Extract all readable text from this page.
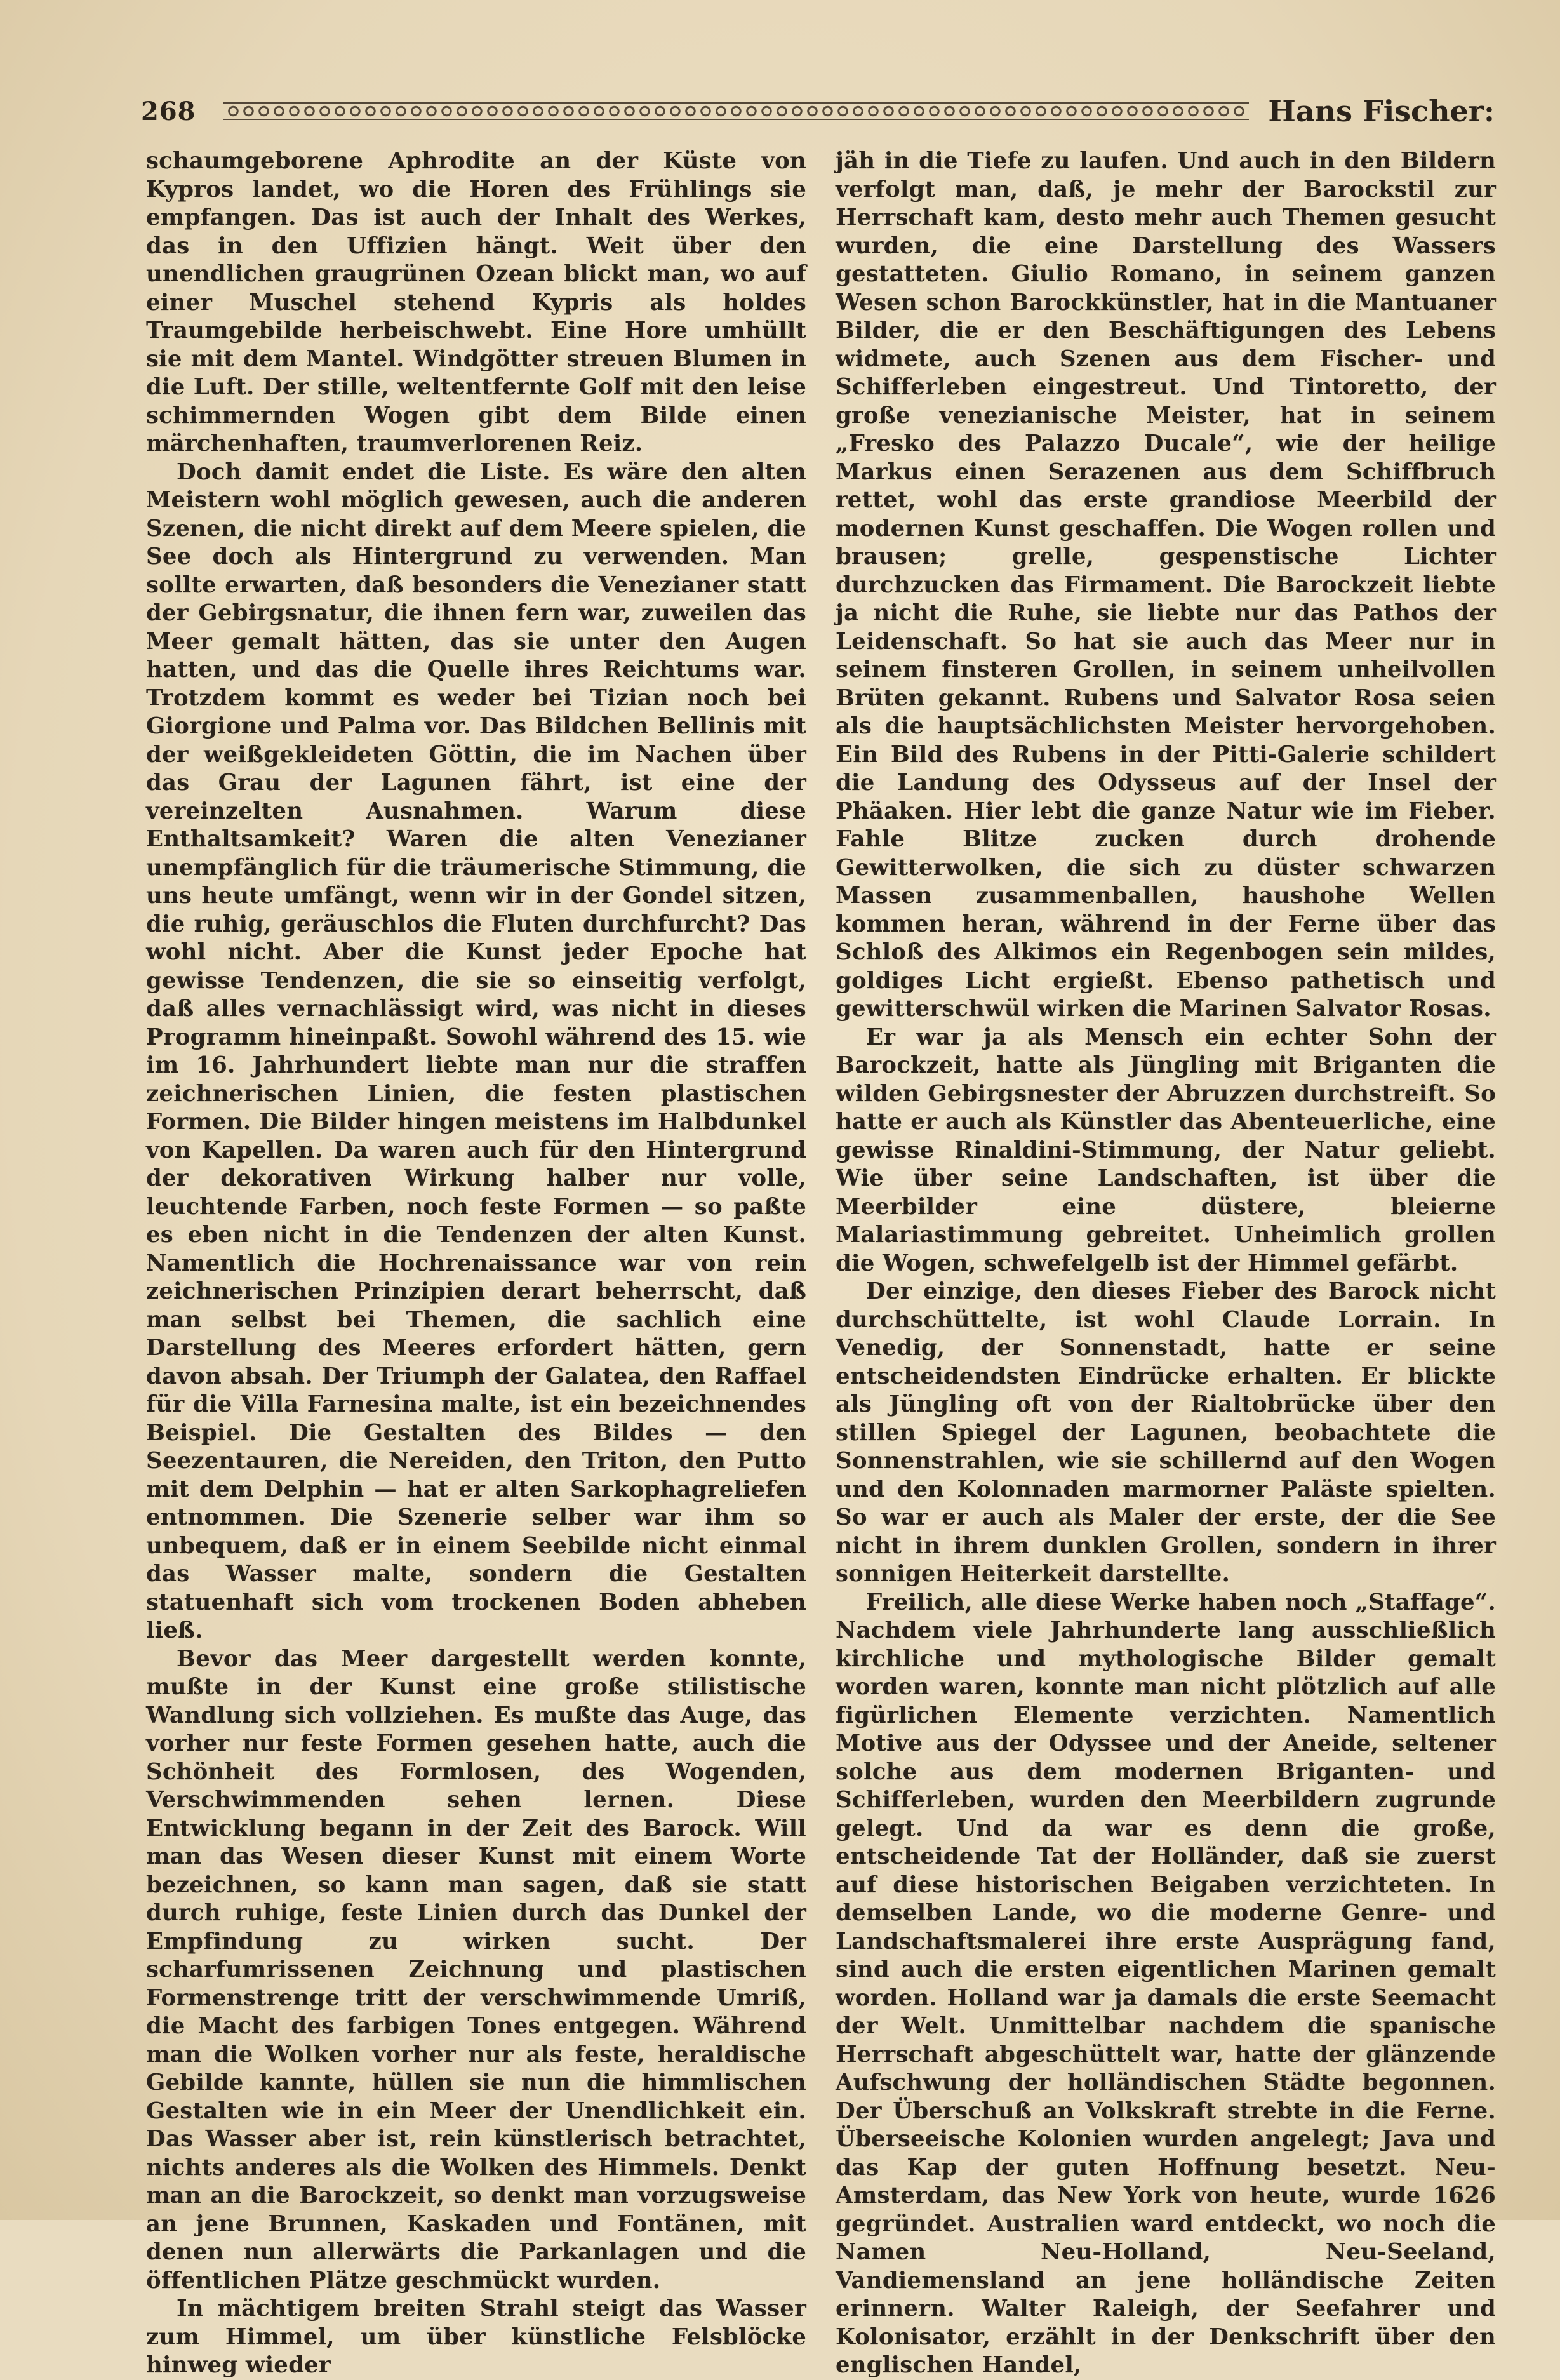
268	Hans Fischer:

schaumgeborene Aphrodite an der Küste von Kypros landet, wo die Horen des Frühlings sie empfangen. Das ist auch der Inhalt des Werkes, das in den Uffizien hängt. Weit über den unendlichen graugrünen Ozean blickt man, wo auf einer Muschel stehend Kypris als holdes Traumgebilde herbeischwebt. Eine Hore umhüllt sie mit dem Mantel. Windgötter streuen Blumen in die Luft. Der stille, weltentfernte Golf mit den leise schimmernden Wogen gibt dem Bilde einen märchenhaften, traumverlorenen Reiz.

Doch damit endet die Liste. Es wäre den alten Meistern wohl möglich gewesen, auch die anderen Szenen, die nicht direkt auf dem Meere spielen, die See doch als Hintergrund zu verwenden. Man sollte erwarten, daß besonders die Venezianer statt der Gebirgsnatur, die ihnen fern war, zuweilen das Meer gemalt hätten, das sie unter den Augen hatten, und das die Quelle ihres Reichtums war. Trotzdem kommt es weder bei Tizian noch bei Giorgione und Palma vor. Das Bildchen Bellinis mit der weißgekleideten Göttin, die im Nachen über das Grau der Lagunen fährt, ist eine der vereinzelten Ausnahmen. Warum diese Enthaltsamkeit? Waren die alten Venezianer unempfänglich für die träumerische Stimmung, die uns heute umfängt, wenn wir in der Gondel sitzen, die ruhig, geräuschlos die Fluten durchfurcht? Das wohl nicht. Aber die Kunst jeder Epoche hat gewisse Tendenzen, die sie so einseitig verfolgt, daß alles vernachlässigt wird, was nicht in dieses Programm hineinpaßt. Sowohl während des 15. wie im 16. Jahrhundert liebte man nur die straffen zeichnerischen Linien, die festen plastischen Formen. Die Bilder hingen meistens im Halbdunkel von Kapellen. Da waren auch für den Hintergrund der dekorativen Wirkung halber nur volle, leuchtende Farben, noch feste Formen — so paßte es eben nicht in die Tendenzen der alten Kunst. Namentlich die Hochrenaissance war von rein zeichnerischen Prinzipien derart beherrscht, daß man selbst bei Themen, die sachlich eine Darstellung des Meeres erfordert hätten, gern davon absah. Der Triumph der Galatea, den Raffael für die Villa Farnesina malte, ist ein bezeichnendes Beispiel. Die Gestalten des Bildes — den Seezentauren, die Nereiden, den Triton, den Putto mit dem Delphin — hat er alten Sarkophagreliefen entnommen. Die Szenerie selber war ihm so unbequem, daß er in einem Seebilde nicht einmal das Wasser malte, sondern die Gestalten statuenhaft sich vom trockenen Boden abheben ließ.

Bevor das Meer dargestellt werden konnte, mußte in der Kunst eine große stilistische Wandlung sich vollziehen. Es mußte das Auge, das vorher nur feste Formen gesehen hatte, auch die Schönheit des Formlosen, des Wogenden, Verschwimmenden sehen lernen. Diese Entwicklung begann in der Zeit des Barock. Will man das Wesen dieser Kunst mit einem Worte bezeichnen, so kann man sagen, daß sie statt durch ruhige, feste Linien durch das Dunkel der Empfindung zu wirken sucht. Der scharfumrissenen Zeichnung und plastischen Formenstrenge tritt der verschwimmende Umriß, die Macht des farbigen Tones entgegen. Während man die Wolken vorher nur als feste, heraldische Gebilde kannte, hüllen sie nun die himmlischen Gestalten wie in ein Meer der Unendlichkeit ein. Das Wasser aber ist, rein künstlerisch betrachtet, nichts anderes als die Wolken des Himmels. Denkt man an die Barockzeit, so denkt man vorzugsweise an jene Brunnen, Kaskaden und Fontänen, mit denen nun allerwärts die Parkanlagen und die öffentlichen Plätze geschmückt wurden.

In mächtigem breiten Strahl steigt das Wasser zum Himmel, um über künstliche Felsblöcke hinweg wieder

jäh in die Tiefe zu laufen. Und auch in den Bildern verfolgt man, daß, je mehr der Barockstil zur Herrschaft kam, desto mehr auch Themen gesucht wurden, die eine Darstellung des Wassers gestatteten. Giulio Romano, in seinem ganzen Wesen schon Barockkünstler, hat in die Mantuaner Bilder, die er den Beschäftigungen des Lebens widmete, auch Szenen aus dem Fischer- und Schifferleben eingestreut. Und Tintoretto, der große venezianische Meister, hat in seinem „Fresko des Palazzo Ducale“, wie der heilige Markus einen Serazenen aus dem Schiffbruch rettet, wohl das erste grandiose Meerbild der modernen Kunst geschaffen. Die Wogen rollen und brausen; grelle, gespenstische Lichter durchzucken das Firmament. Die Barockzeit liebte ja nicht die Ruhe, sie liebte nur das Pathos der Leidenschaft. So hat sie auch das Meer nur in seinem finsteren Grollen, in seinem unheilvollen Brüten gekannt. Rubens und Salvator Rosa seien als die hauptsächlichsten Meister hervorgehoben. Ein Bild des Rubens in der Pitti-Galerie schildert die Landung des Odysseus auf der Insel der Phäaken. Hier lebt die ganze Natur wie im Fieber. Fahle Blitze zucken durch drohende Gewitterwolken, die sich zu düster schwarzen Massen zusammenballen, haushohe Wellen kommen heran, während in der Ferne über das Schloß des Alkimos ein Regenbogen sein mildes, goldiges Licht ergießt. Ebenso pathetisch und gewitterschwül wirken die Marinen Salvator Rosas.

Er war ja als Mensch ein echter Sohn der Barockzeit, hatte als Jüngling mit Briganten die wilden Gebirgsnester der Abruzzen durchstreift. So hatte er auch als Künstler das Abenteuerliche, eine gewisse Rinaldini-Stimmung, der Natur geliebt. Wie über seine Landschaften, ist über die Meerbilder eine düstere, bleierne Malariastimmung gebreitet. Unheimlich grollen die Wogen, schwefelgelb ist der Himmel gefärbt.

Der einzige, den dieses Fieber des Barock nicht durchschüttelte, ist wohl Claude Lorrain. In Venedig, der Sonnenstadt, hatte er seine entscheidendsten Eindrücke erhalten. Er blickte als Jüngling oft von der Rialtobrücke über den stillen Spiegel der Lagunen, beobachtete die Sonnenstrahlen, wie sie schillernd auf den Wogen und den Kolonnaden marmorner Paläste spielten. So war er auch als Maler der erste, der die See nicht in ihrem dunklen Grollen, sondern in ihrer sonnigen Heiterkeit darstellte.

Freilich, alle diese Werke haben noch „Staffage“. Nachdem viele Jahrhunderte lang ausschließlich kirchliche und mythologische Bilder gemalt worden waren, konnte man nicht plötzlich auf alle figürlichen Elemente verzichten. Namentlich Motive aus der Odyssee und der Aneide, seltener solche aus dem modernen Briganten- und Schifferleben, wurden den Meerbildern zugrunde gelegt. Und da war es denn die große, entscheidende Tat der Holländer, daß sie zuerst auf diese historischen Beigaben verzichteten. In demselben Lande, wo die moderne Genre- und Landschaftsmalerei ihre erste Ausprägung fand, sind auch die ersten eigentlichen Marinen gemalt worden. Holland war ja damals die erste Seemacht der Welt. Unmittelbar nachdem die spanische Herrschaft abgeschüttelt war, hatte der glänzende Aufschwung der holländischen Städte begonnen. Der Überschuß an Volkskraft strebte in die Ferne. Überseeische Kolonien wurden angelegt; Java und das Kap der guten Hoffnung besetzt. Neu-Amsterdam, das New York von heute, wurde 1626 gegründet. Australien ward entdeckt, wo noch die Namen Neu-Holland, Neu-Seeland, Vandiemensland an jene holländische Zeiten erinnern. Walter Raleigh, der Seefahrer und Kolonisator, erzählt in der Denkschrift über den englischen Handel,
